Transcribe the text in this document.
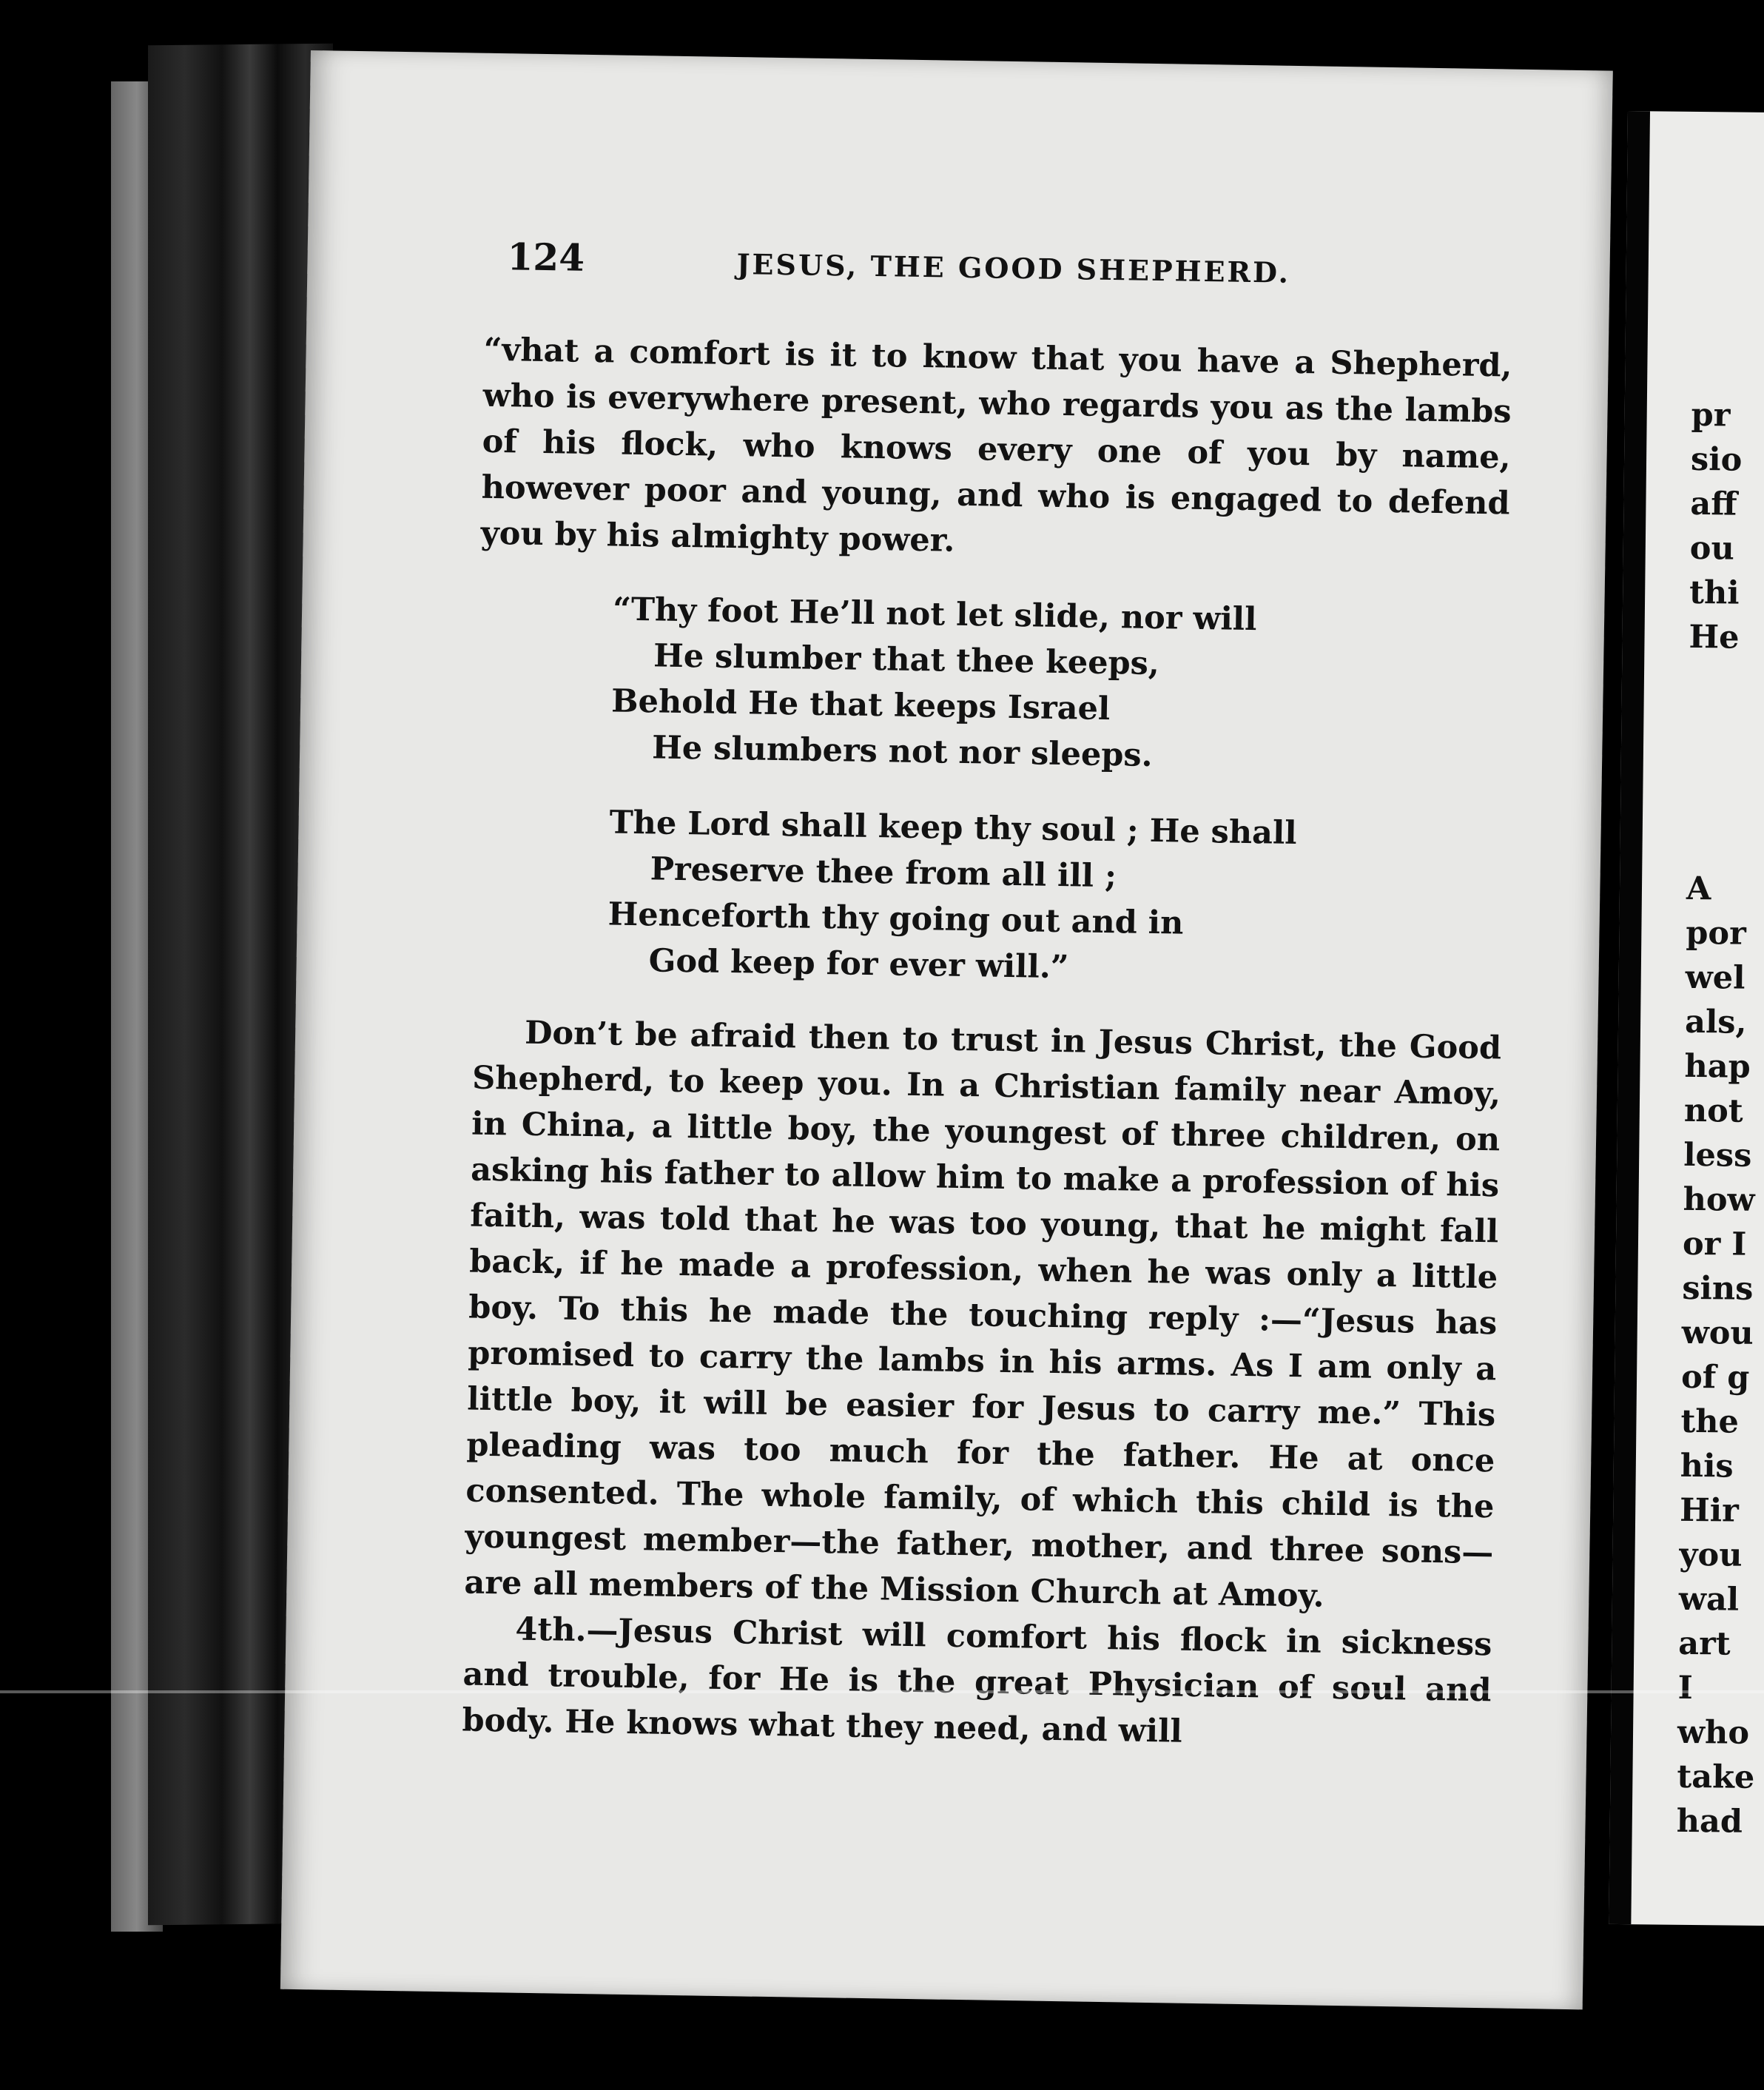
124	JESUS, THE GOOD SHEPHERD.

“vhat a comfort is it to know that you have a Shepherd, who is everywhere present, who regards you as the lambs of his flock, who knows every one of you by name, however poor and young, and who is engaged to defend you by his almighty power.

“Thy foot He’ll not let slide, nor will
He slumber that thee keeps,
Behold He that keeps Israel
He slumbers not nor sleeps.
The Lord shall keep thy soul ; He shall
Preserve thee from all ill ;
Henceforth thy going out and in
God keep for ever will.”

Don’t be afraid then to trust in Jesus Christ, the Good Shepherd, to keep you. In a Christian family near Amoy, in China, a little boy, the youngest of three children, on asking his father to allow him to make a profession of his faith, was told that he was too young, that he might fall back, if he made a profession, when he was only a little boy. To this he made the touching reply :—“Jesus has promised to carry the lambs in his arms. As I am only a little boy, it will be easier for Jesus to carry me.” This pleading was too much for the father. He at once consented. The whole family, of which this child is the youngest member—the father, mother, and three sons—are all members of the Mission Church at Amoy.

4th.—Jesus Christ will comfort his flock in sickness and trouble, for He is the great Physician of soul and body. He knows what they need, and will

pr
sio
aff
ou
thi
He
A
por
wel
als,
hap
not
less
how
or I
sins
wou
of g
the
his
Hir
you
wal
art
I
who
take
had
